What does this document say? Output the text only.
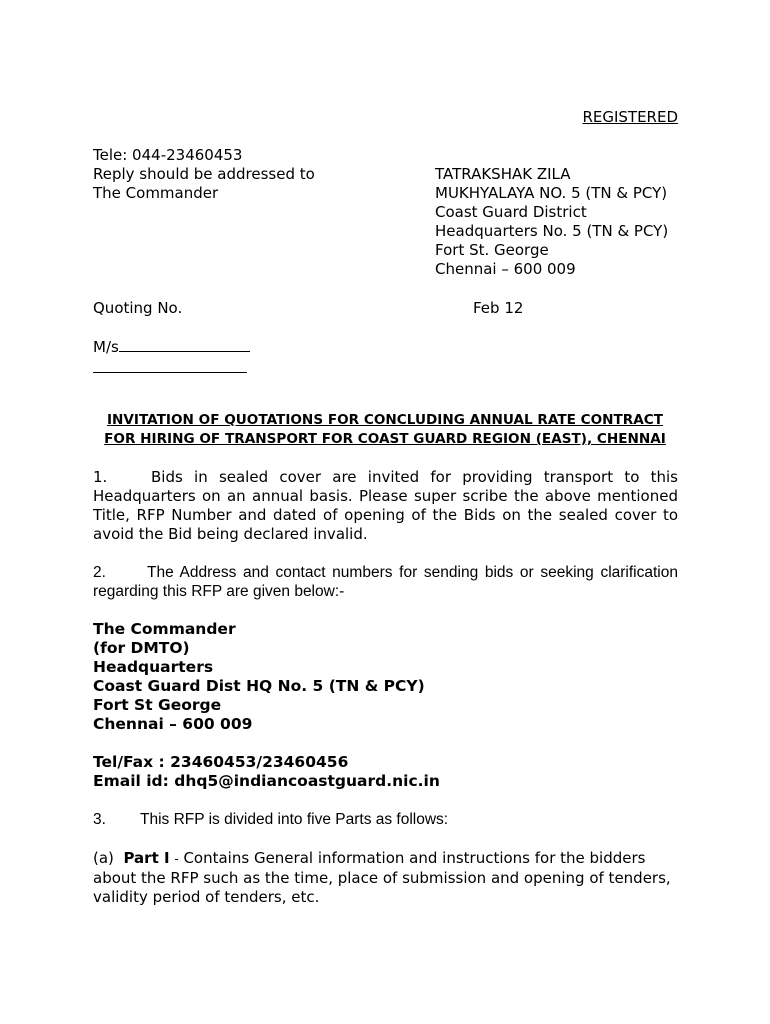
REGISTERED
Tele: 044-23460453
Reply should be addressed to
The Commander
TATRAKSHAK ZILA
MUKHYALAYA NO. 5 (TN & PCY)
Coast Guard District
Headquarters No. 5 (TN & PCY)
Fort St. George
Chennai – 600 009
Quoting No.	Feb 12
M/s
INVITATION OF QUOTATIONS FOR CONCLUDING ANNUAL RATE CONTRACT
FOR HIRING OF TRANSPORT FOR COAST GUARD REGION (EAST), CHENNAI
1.	Bids in sealed cover are invited for providing transport to this Headquarters on an annual basis. Please super scribe the above mentioned Title, RFP Number and dated of opening of the Bids on the sealed cover to avoid the Bid being declared invalid.
2.	The Address and contact numbers for sending bids or seeking clarification regarding this RFP are given below:-
The Commander
(for DMTO)
Headquarters
Coast Guard Dist HQ No. 5 (TN & PCY)
Fort St George
Chennai – 600 009
Tel/Fax : 23460453/23460456
Email id: dhq5@indiancoastguard.nic.in
3. This RFP is divided into five Parts as follows:
(a) Part I - Contains General information and instructions for the bidders about the RFP such as the time, place of submission and opening of tenders, validity period of tenders, etc.
